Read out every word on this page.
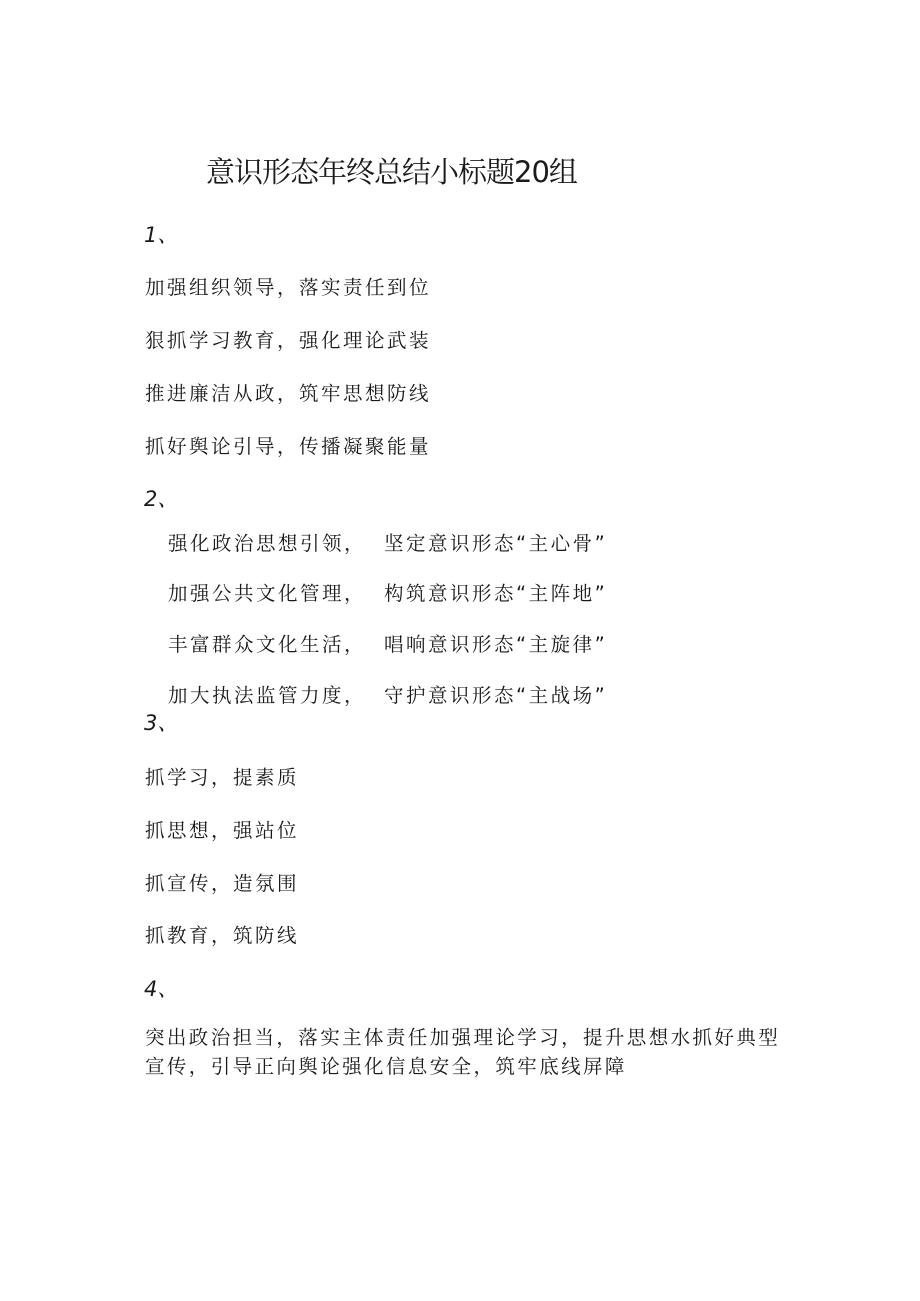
意识形态年终总结小标题20组
1、
加强组织领导，落实责任到位
狠抓学习教育，强化理论武装
推进廉洁从政，筑牢思想防线
抓好舆论引导，传播凝聚能量
2、
强化政治思想引领， 坚定意识形态“主心骨”
加强公共文化管理， 构筑意识形态“主阵地”
丰富群众文化生活， 唱响意识形态“主旋律”
加大执法监管力度， 守护意识形态“主战场”
3、
抓学习，提素质
抓思想，强站位
抓宣传，造氛围
抓教育，筑防线
4、
突出政治担当，落实主体责任加强理论学习，提升思想水抓好典型宣传，引导正向舆论强化信息安全，筑牢底线屏障
